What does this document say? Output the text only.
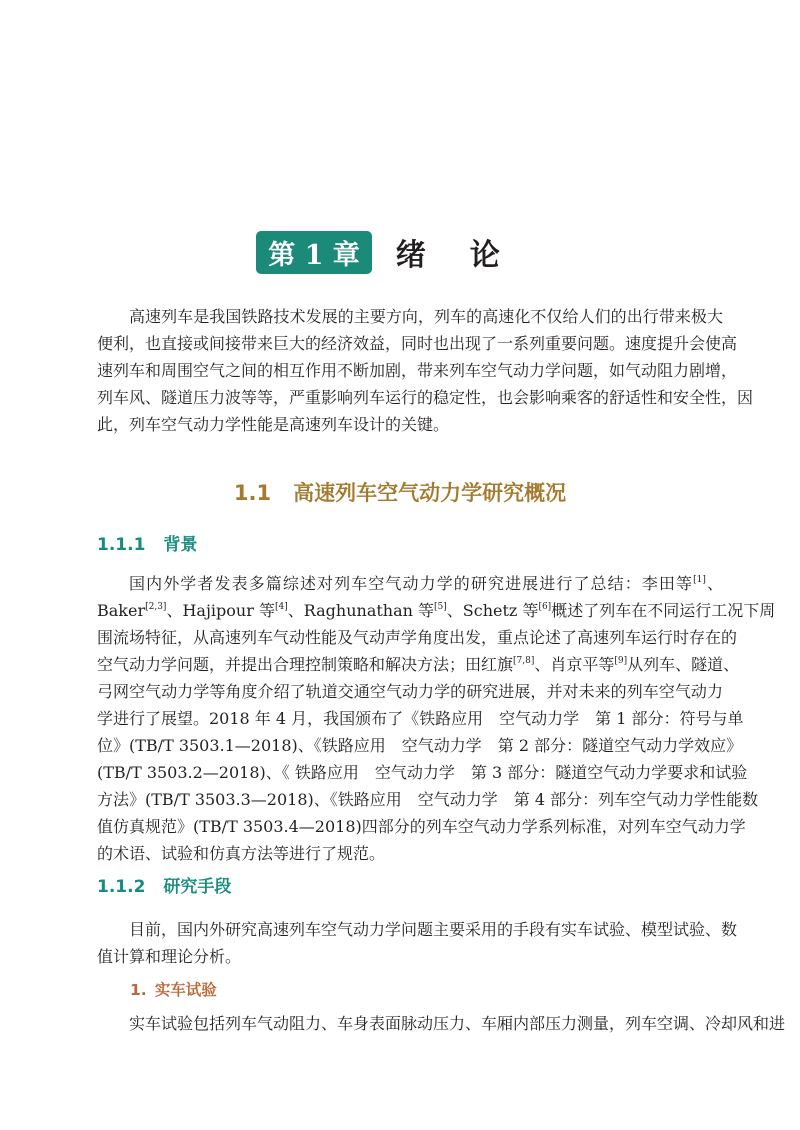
第 1 章 绪论
高速列车是我国铁路技术发展的主要方向，列车的高速化不仅给人们的出行带来极大
便利，也直接或间接带来巨大的经济效益，同时也出现了一系列重要问题。速度提升会使高
速列车和周围空气之间的相互作用不断加剧，带来列车空气动力学问题，如气动阻力剧增，
列车风、隧道压力波等等，严重影响列车运行的稳定性，也会影响乘客的舒适性和安全性，因
此，列车空气动力学性能是高速列车设计的关键。
1.1 高速列车空气动力学研究概况
1.1.1 背景
国内外学者发表多篇综述对列车空气动力学的研究进展进行了总结：李田等[1]、
Baker[2,3]、Hajipour 等[4]、Raghunathan 等[5]、Schetz 等[6]概述了列车在不同运行工况下周
围流场特征，从高速列车气动性能及气动声学角度出发，重点论述了高速列车运行时存在的
空气动力学问题，并提出合理控制策略和解决方法；田红旗[7,8]、肖京平等[9]从列车、隧道、
弓网空气动力学等角度介绍了轨道交通空气动力学的研究进展，并对未来的列车空气动力
学进行了展望。2018 年 4 月，我国颁布了《铁路应用　空气动力学　第 1 部分：符号与单
位》(TB/T 3503.1—2018)、《铁路应用　空气动力学　第 2 部分：隧道空气动力学效应》
(TB/T 3503.2—2018)、《 铁路应用　空气动力学　第 3 部分：隧道空气动力学要求和试验
方法》(TB/T 3503.3—2018)、《铁路应用　空气动力学　第 4 部分：列车空气动力学性能数
值仿真规范》(TB/T 3503.4—2018)四部分的列车空气动力学系列标准，对列车空气动力学
的术语、试验和仿真方法等进行了规范。
1.1.2 研究手段
目前，国内外研究高速列车空气动力学问题主要采用的手段有实车试验、模型试验、数
值计算和理论分析。
1. 实车试验
实车试验包括列车气动阻力、车身表面脉动压力、车厢内部压力测量，列车空调、冷却风和进
